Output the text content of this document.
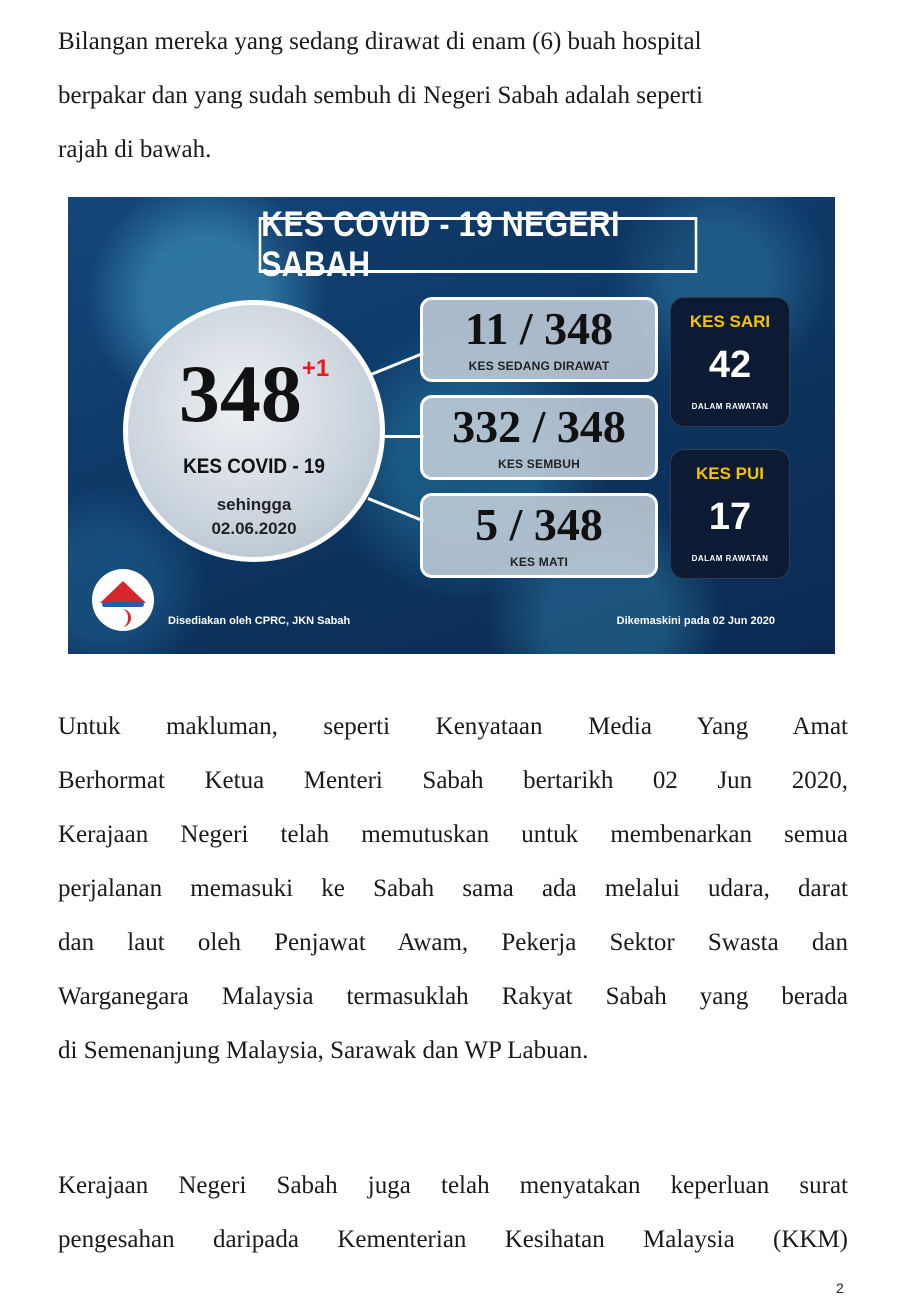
Bilangan mereka yang sedang dirawat di enam (6) buah hospital
berpakar dan yang sudah sembuh di Negeri Sabah adalah seperti
rajah di bawah.
KES COVID - 19 NEGERI SABAH
$348^{+1}$
KES COVID - 19
sehingga
02.06.2020
11 / 348
KES SEDANG DIRAWAT
332 / 348
KES SEMBUH
5 / 348
KES MATI
KES SARI
42
DALAM RAWATAN
KES PUI
17
DALAM RAWATAN
Disediakan oleh CPRC, JKN Sabah	Dikemaskini pada 02 Jun 2020
Untuk makluman, seperti Kenyataan Media Yang Amat
Berhormat Ketua Menteri Sabah bertarikh 02 Jun 2020,
Kerajaan Negeri telah memutuskan untuk membenarkan semua
perjalanan memasuki ke Sabah sama ada melalui udara, darat
dan laut oleh Penjawat Awam, Pekerja Sektor Swasta dan
Warganegara Malaysia termasuklah Rakyat Sabah yang berada
di Semenanjung Malaysia, Sarawak dan WP Labuan.
Kerajaan Negeri Sabah juga telah menyatakan keperluan surat
pengesahan daripada Kementerian Kesihatan Malaysia (KKM)
2
